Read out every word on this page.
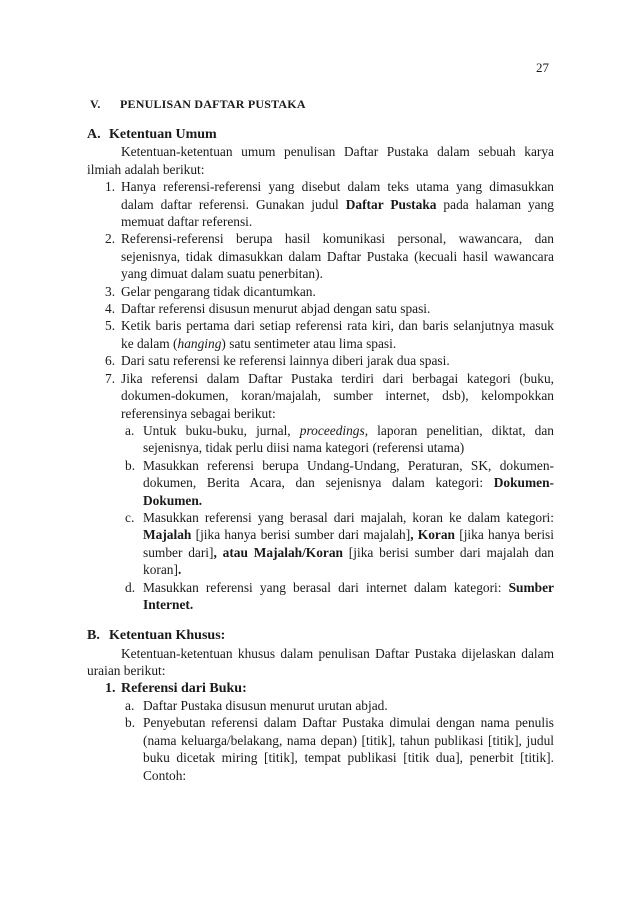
27
V. PENULISAN DAFTAR PUSTAKA
A. Ketentuan Umum

Ketentuan-ketentuan umum penulisan Daftar Pustaka dalam sebuah karya ilmiah adalah berikut:

1. Hanya referensi-referensi yang disebut dalam teks utama yang dimasukkan dalam daftar referensi. Gunakan judul Daftar Pustaka pada halaman yang memuat daftar referensi.
2. Referensi-referensi berupa hasil komunikasi personal, wawancara, dan sejenisnya, tidak dimasukkan dalam Daftar Pustaka (kecuali hasil wawancara yang dimuat dalam suatu penerbitan).
3. Gelar pengarang tidak dicantumkan.
4. Daftar referensi disusun menurut abjad dengan satu spasi.
5. Ketik baris pertama dari setiap referensi rata kiri, dan baris selanjutnya masuk ke dalam (hanging) satu sentimeter atau lima spasi.
6. Dari satu referensi ke referensi lainnya diberi jarak dua spasi.
7. Jika referensi dalam Daftar Pustaka terdiri dari berbagai kategori (buku, dokumen-dokumen, koran/majalah, sumber internet, dsb), kelompokkan referensinya sebagai berikut:
a. Untuk buku-buku, jurnal, proceedings, laporan penelitian, diktat, dan sejenisnya, tidak perlu diisi nama kategori (referensi utama)
b. Masukkan referensi berupa Undang-Undang, Peraturan, SK, dokumen-dokumen, Berita Acara, dan sejenisnya dalam kategori: Dokumen-Dokumen.
c. Masukkan referensi yang berasal dari majalah, koran ke dalam kategori: Majalah [jika hanya berisi sumber dari majalah], Koran [jika hanya berisi sumber dari], atau Majalah/Koran [jika berisi sumber dari majalah dan koran].
d. Masukkan referensi yang berasal dari internet dalam kategori: Sumber Internet.
B. Ketentuan Khusus:

Ketentuan-ketentuan khusus dalam penulisan Daftar Pustaka dijelaskan dalam uraian berikut:

1. Referensi dari Buku:
a. Daftar Pustaka disusun menurut urutan abjad.
b. Penyebutan referensi dalam Daftar Pustaka dimulai dengan nama penulis (nama keluarga/belakang, nama depan) [titik], tahun publikasi [titik], judul buku dicetak miring [titik], tempat publikasi [titik dua], penerbit [titik]. Contoh:
